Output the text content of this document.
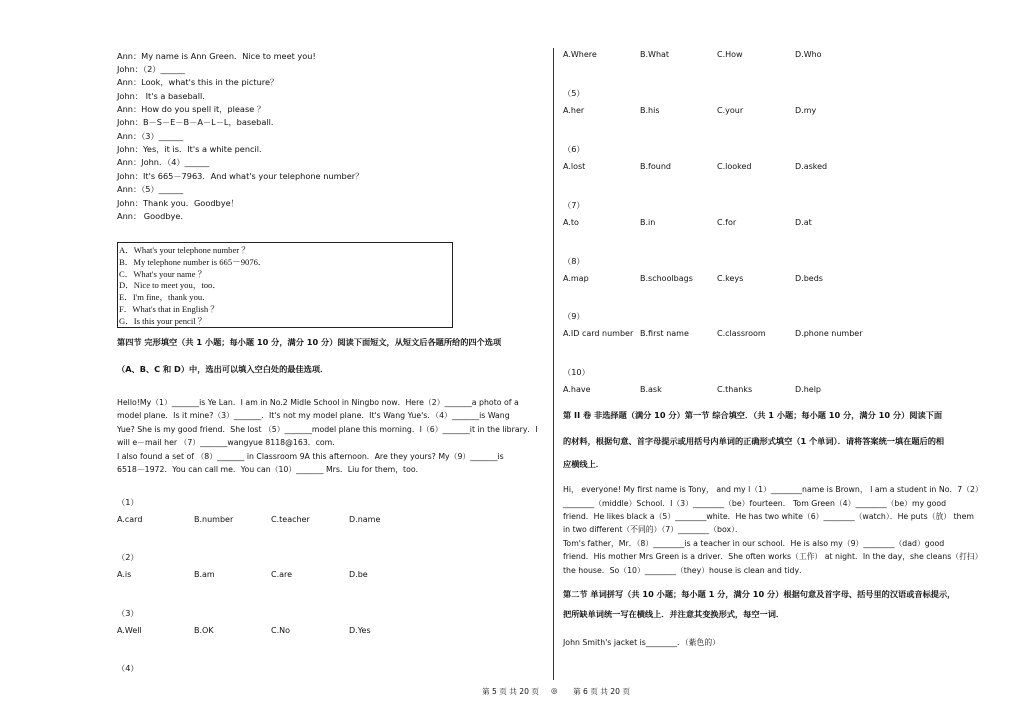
Ann：My name is Ann Green．Nice to meet you!
John：（2）______
Ann：Look，what's this in the picture？
John： It's a baseball．
Ann：How do you spell it，please ？
John：B－S－E－B－A－L－L，baseball．
Ann：（3）______
John：Yes，it is．It's a white pencil．
Ann：John．（4）______
John：It's 665－7963．And what's your telephone number？
Ann：（5）______
John：Thank you．Goodbye！
Ann： Goodbye．
A．What's your telephone number ？
B．My telephone number is 665－9076．
C．What's your name ？
D．Nice to meet you，too．
E．I'm fine，thank you．
F．What's that in English ？
G．Is this your pencil ？
第四节 完形填空（共 1 小题；每小题 10 分，满分 10 分）阅读下面短文，从短文后各题所给的四个选项
（A、B、C 和 D）中，选出可以填入空白处的最佳选项．
Hello!My（1）_______is Ye Lan．I am in No.2 Midle School in Ningbo now．Here（2）_______a photo of a
model plane．Is it mine?（3）_______．It's not my model plane．It's Wang Yue's．（4）_______is Wang
Yue? She is my good friend．She lost （5）_______model plane this morning．I（6）_______it in the library．I
will e－mail her （7）_______wangyue 8118@163．com．
I also found a set of （8）_______ in Classroom 9A this afternoon．Are they yours? My（9）_______is
6518－1972．You can call me．You can（10）_______ Mrs．Liu for them，too．
（1）
A.card	B.number	C.teacher	D.name
（2）
A.is	B.am	C.are	D.be
（3）
A.Well	B.OK	C.No	D.Yes
（4）
A.Where	B.What	C.How	D.Who
（5）
A.her	B.his	C.your	D.my
（6）
A.lost	B.found	C.looked	D.asked
（7）
A.to	B.in	C.for	D.at
（8）
A.map	B.schoolbags	C.keys	D.beds
（9）
A.ID card number B.first name	C.classroom	D.phone number
（10）
A.have	B.ask	C.thanks	D.help
第 II 卷 非选择题（满分 10 分）第一节 综合填空．（共 1 小题；每小题 10 分，满分 10 分）阅读下面
的材料，根据句意、首字母提示或用括号内单词的正确形式填空（1 个单词）．请将答案统一填在题后的相
应横线上．
Hi， everyone! My first name is Tony， and my l（1）________name is Brown， I am a student in No．7（2）
________（middle）School．I（3）________（be）fourteen． Tom Green（4）________（be）my good
friend．He likes black a（5）________white．He has two white（6）________（watch）．He puts（放） them
in two different（不同的）（7）________（box）．
Tom's father，Mr．（8）________is a teacher in our school．He is also my（9）________（dad）good
friend．His mother Mrs Green is a driver．She often works（工作） at night．In the day，she cleans（打扫）
the house．So（10）________（they）house is clean and tidy．
第二节 单词拼写（共 10 小题；每小题 1 分，满分 10 分）根据句意及首字母、括号里的汉语或音标提示，
把所缺单词统一写在横线上．并注意其变换形式，每空一词．
John Smith's jacket is________．（紫色的）
第 5 页 共 20 页 ◎ 第 6 页 共 20 页
